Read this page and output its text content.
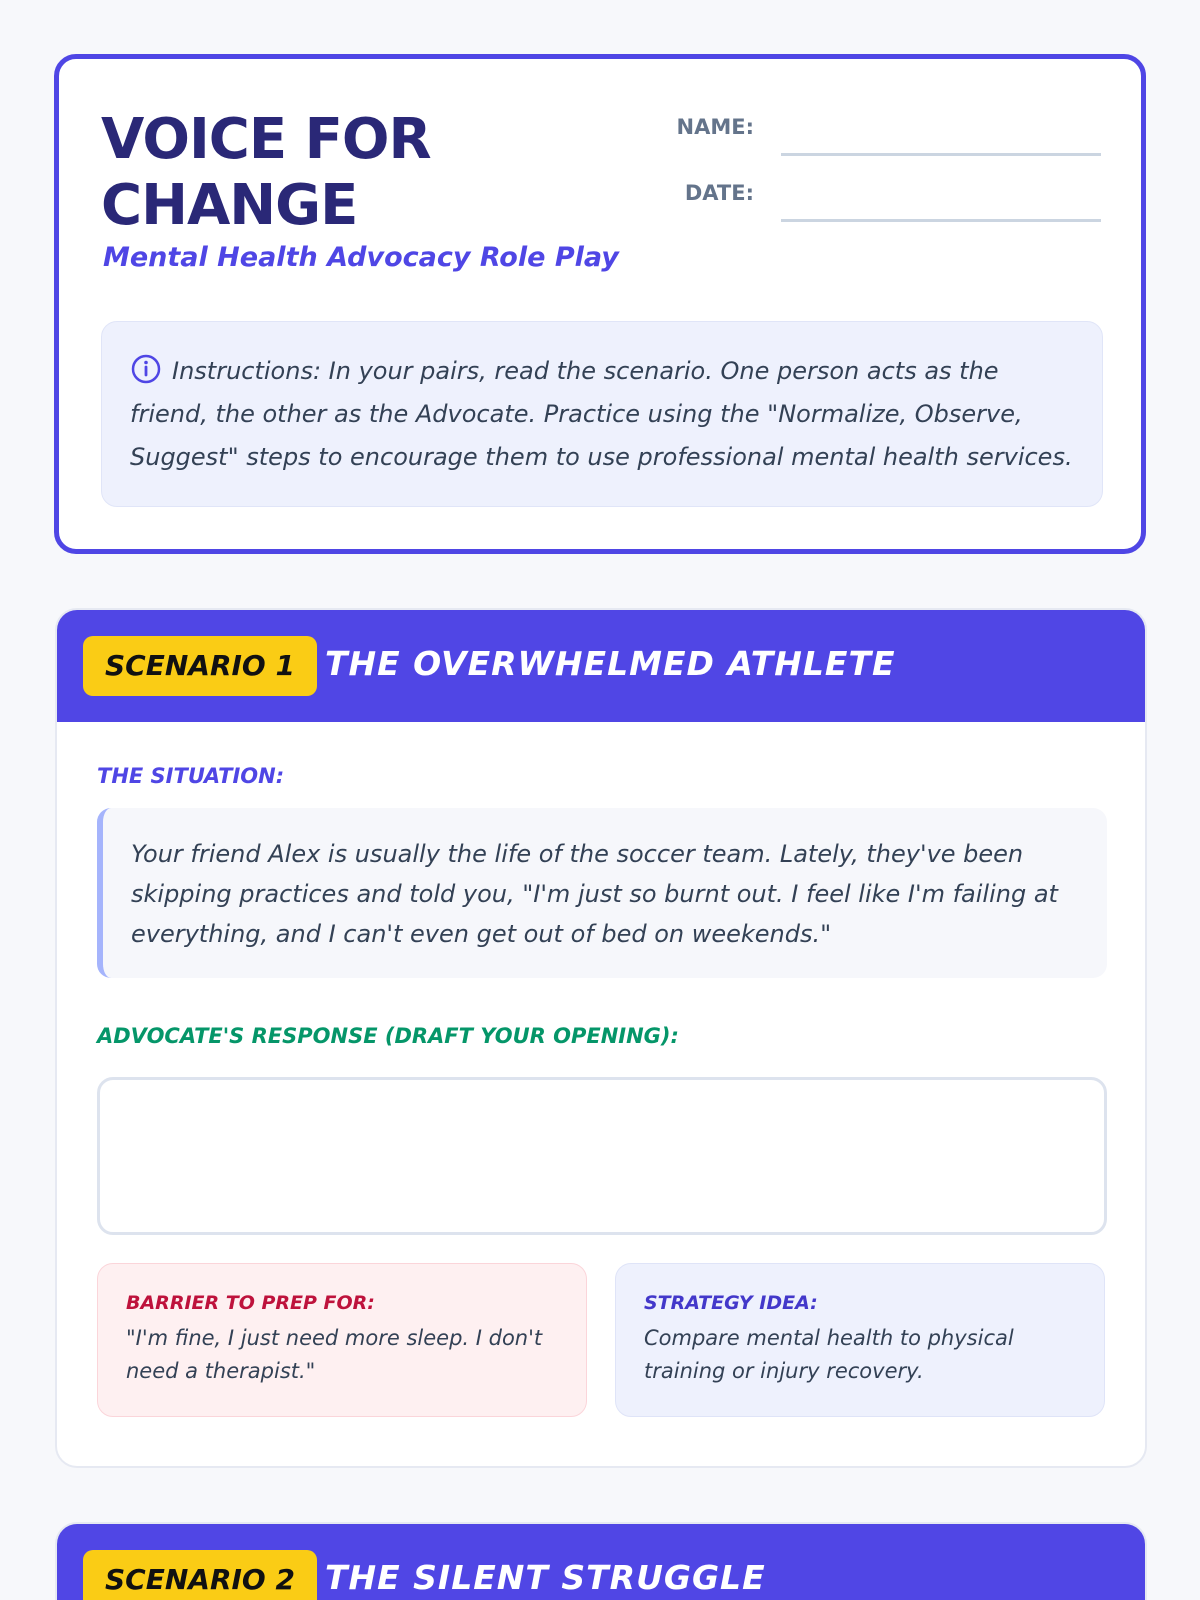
VOICE FOR CHANGE
Mental Health Advocacy Role Play
NAME:
DATE:
Instructions: In your pairs, read the scenario. One person acts as the friend, the other as the Advocate. Practice using the "Normalize, Observe, Suggest" steps to encourage them to use professional mental health services.
SCENARIO 1 THE OVERWHELMED ATHLETE
THE SITUATION:
Your friend Alex is usually the life of the soccer team. Lately, they've been skipping practices and told you, "I'm just so burnt out. I feel like I'm failing at everything, and I can't even get out of bed on weekends."
ADVOCATE'S RESPONSE (DRAFT YOUR OPENING):
BARRIER TO PREP FOR:
"I'm fine, I just need more sleep. I don't need a therapist."
STRATEGY IDEA:
Compare mental health to physical training or injury recovery.
SCENARIO 2 THE SILENT STRUGGLE
